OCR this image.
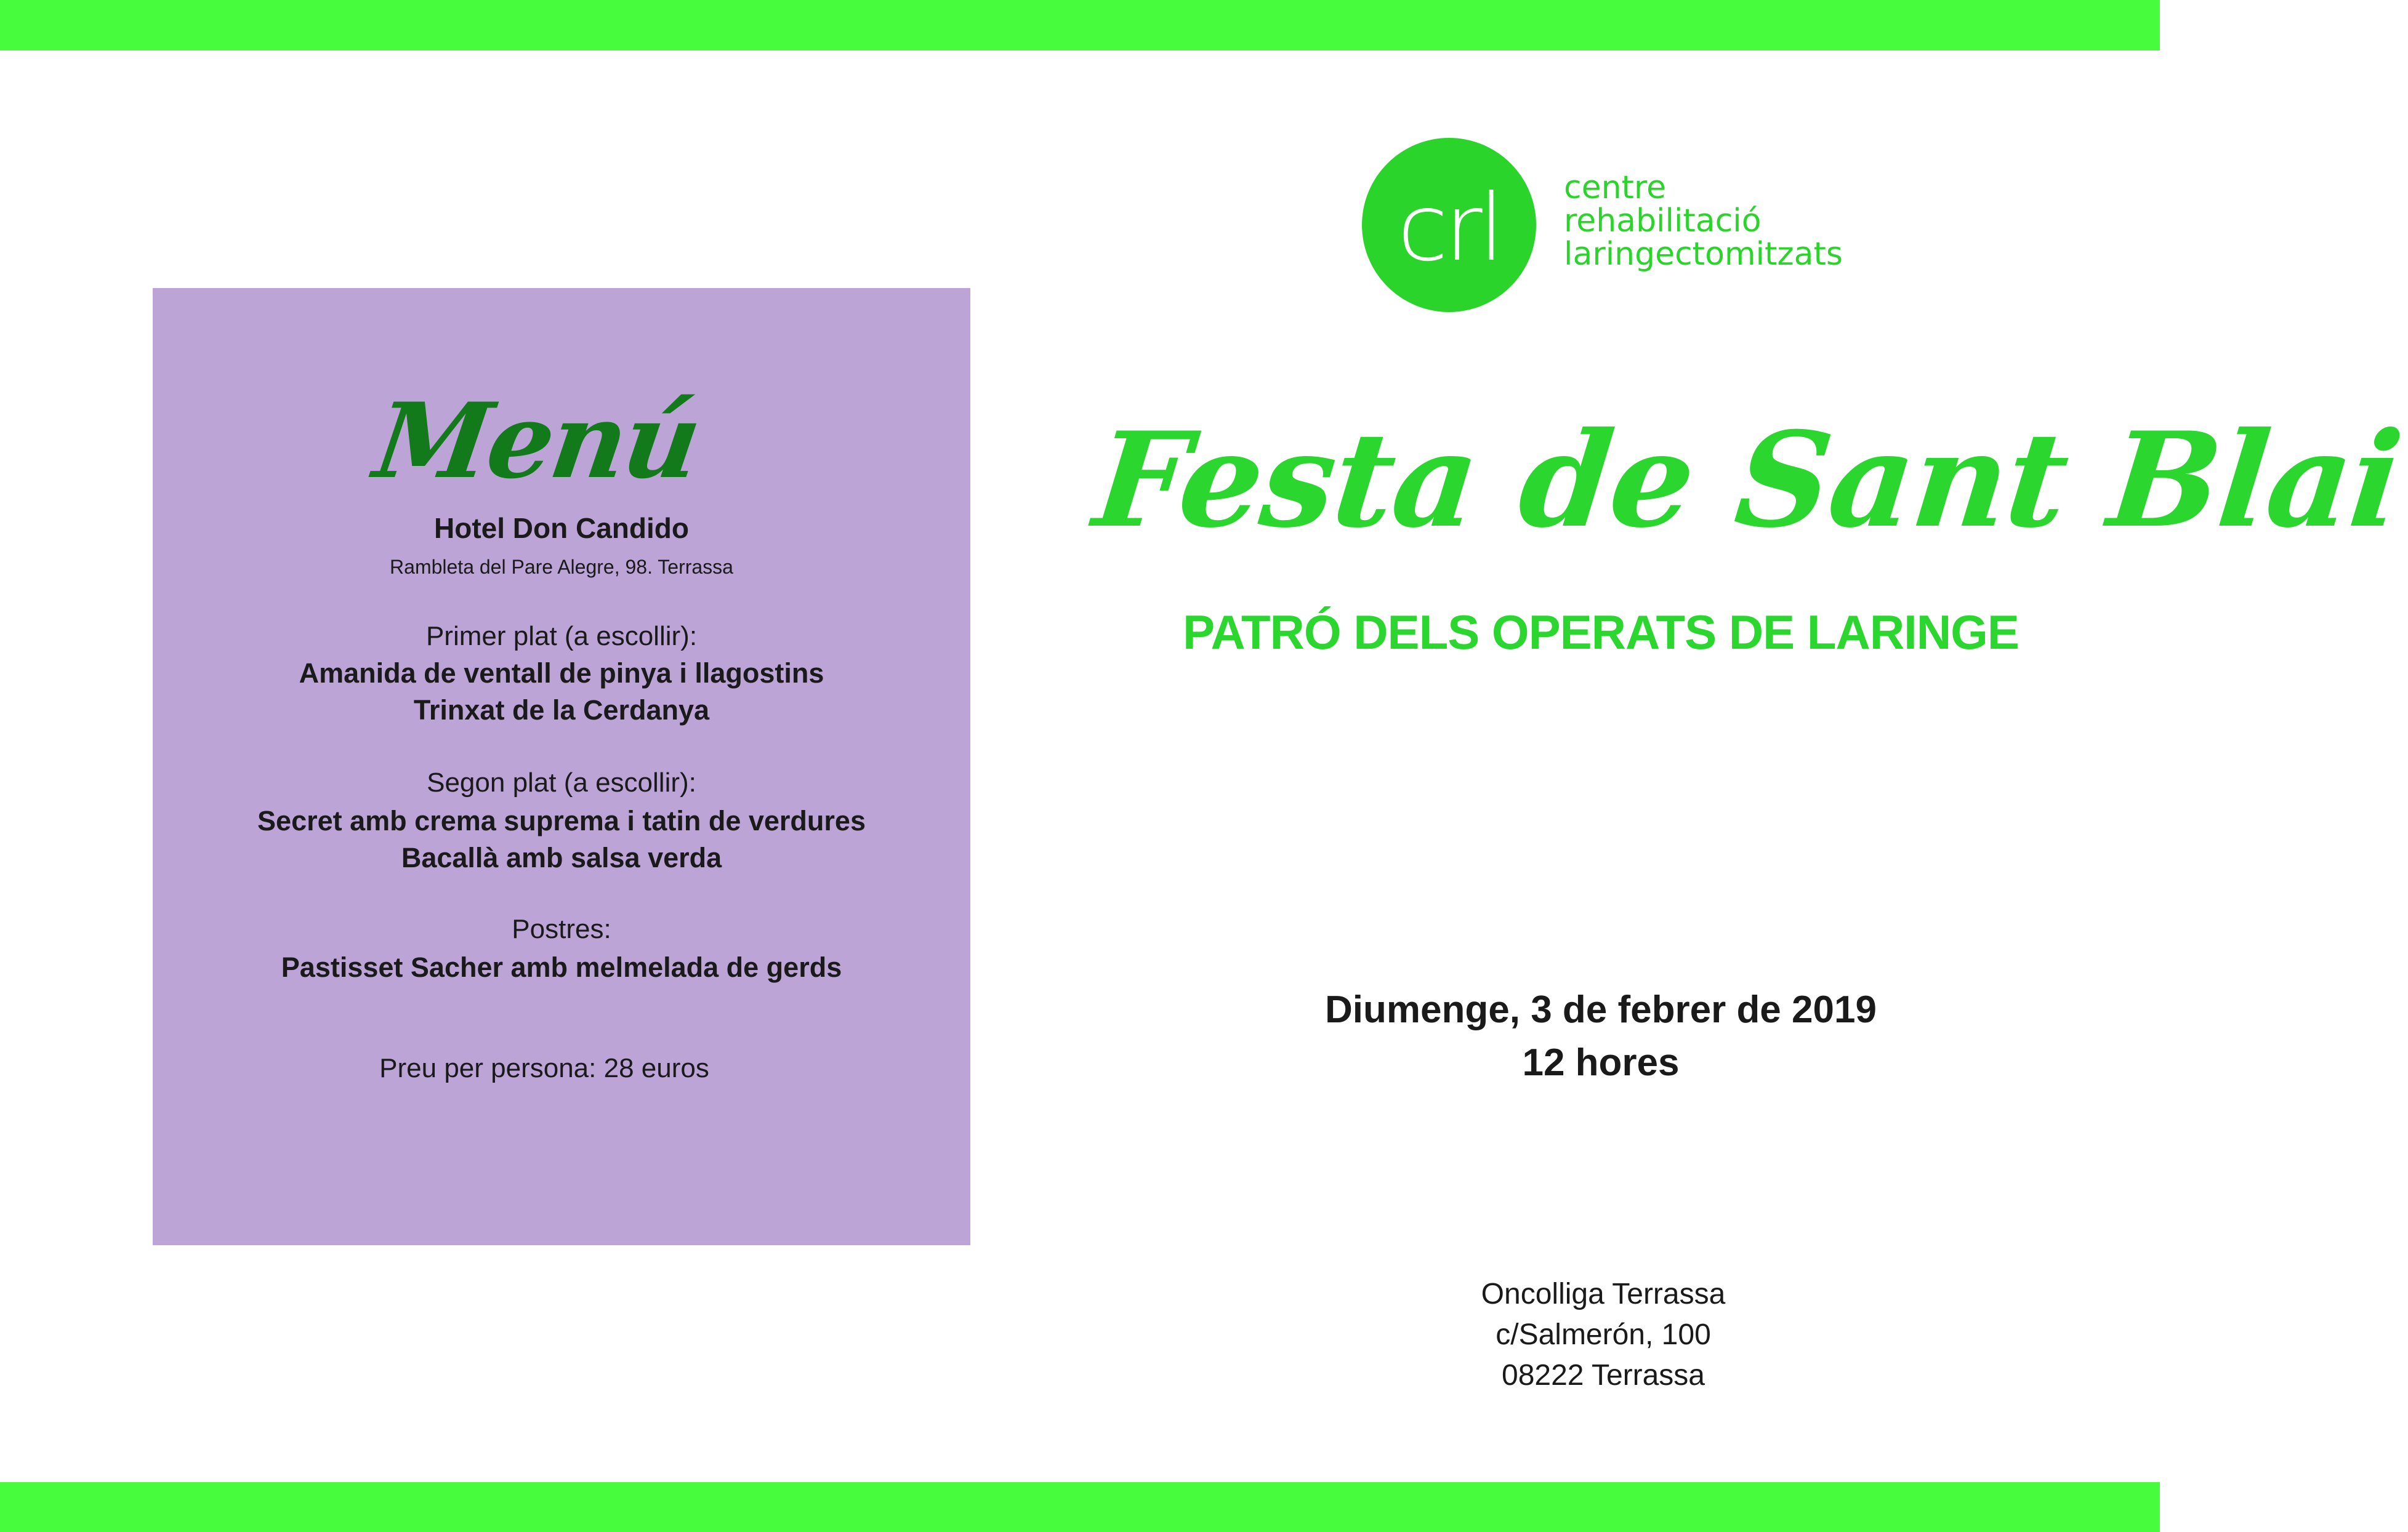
Menú

Hotel Don Candido

Rambleta del Pare Alegre, 98. Terrassa

Primer plat (a escollir):

Amanida de ventall de pinya i llagostins

Trinxat de la Cerdanya

Segon plat (a escollir):

Secret amb crema suprema i tatin de verdures

Bacallà amb salsa verda

Postres:

Pastisset Sacher amb melmelada de gerds

Preu per persona: 28 euros

crl	centre
rehabilitació
laringectomitzats
Festa de Sant Blai
PATRÓ DELS OPERATS DE LARINGE
Diumenge, 3 de febrer de 2019
12 hores
Oncolliga Terrassa
c/Salmerón, 100
08222 Terrassa
